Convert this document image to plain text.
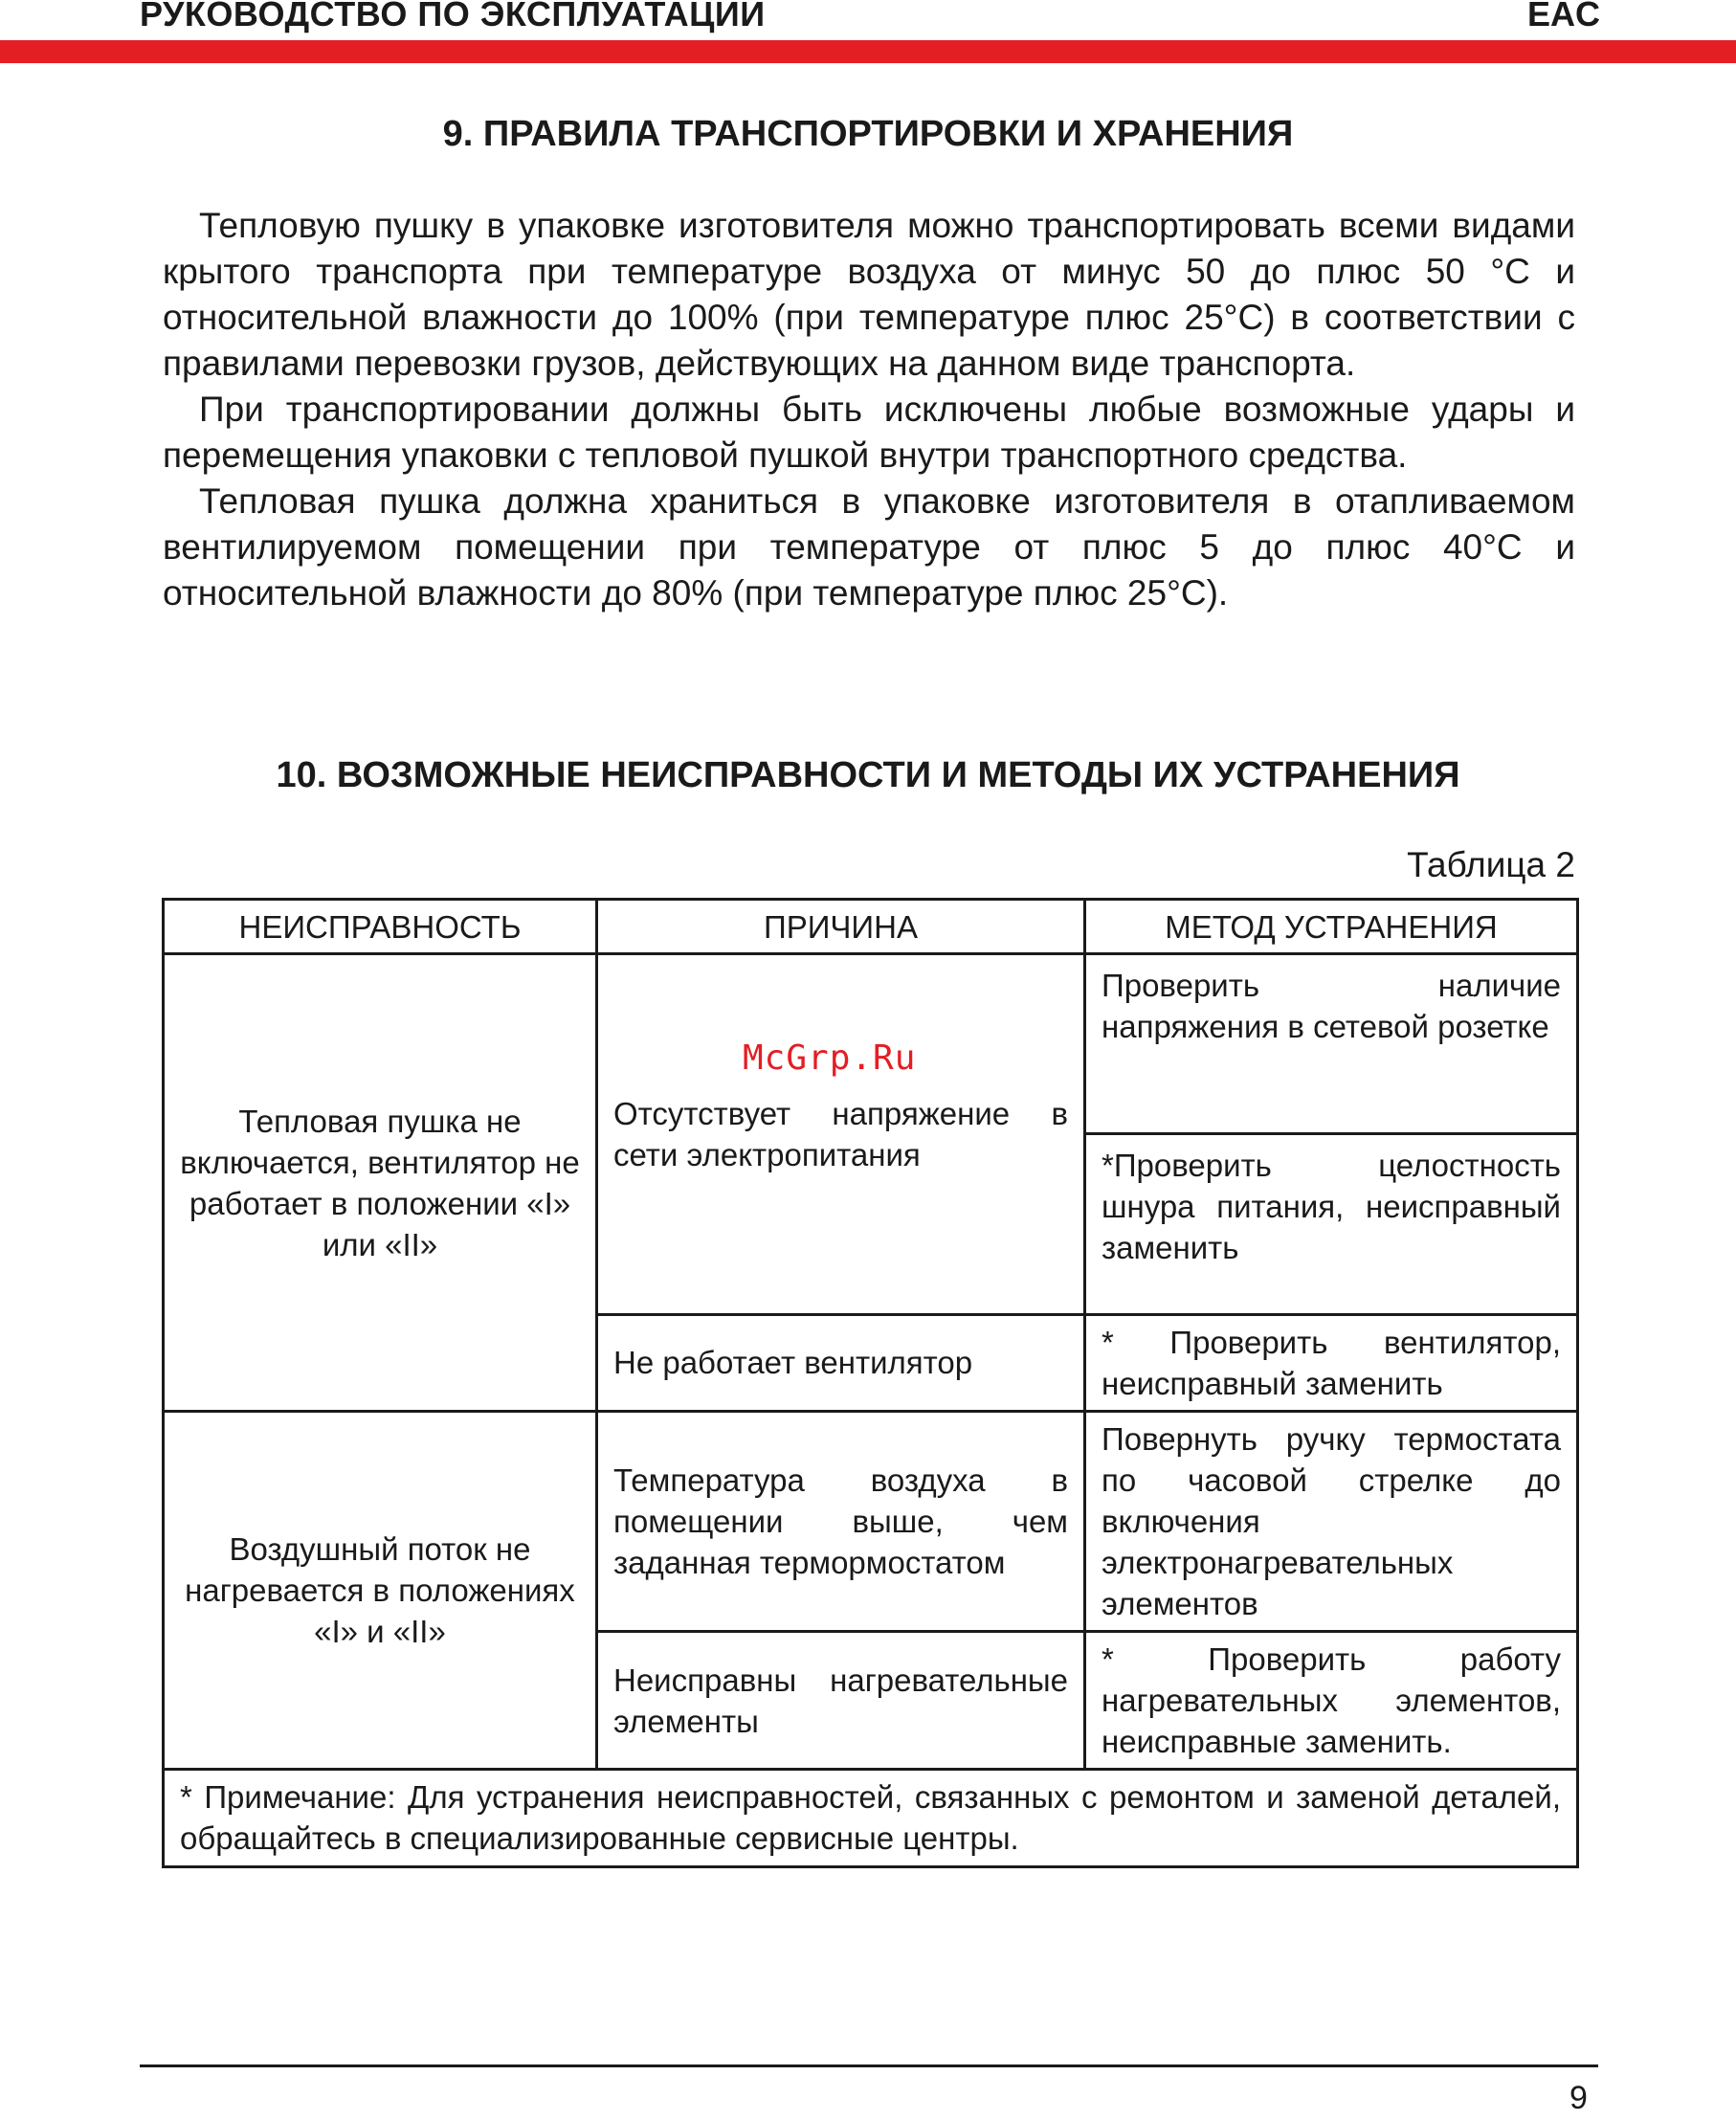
РУКОВОДСТВО ПО ЭКСПЛУАТАЦИИ	EAC
9. ПРАВИЛА ТРАНСПОРТИРОВКИ И ХРАНЕНИЯ

Тепловую пушку в упаковке изготовителя можно транспортировать всеми видами крытого транспорта при температуре воздуха от минус 50 до плюс 50 °С и относительной влажности до 100% (при температуре плюс 25°С) в соответствии с правилами перевозки грузов, действующих на данном виде транспорта.

При транспортировании должны быть исключены любые возможные удары и перемещения упаковки с тепловой пушкой внутри транспортного средства.

Тепловая пушка должна храниться в упаковке изготовителя в отапливаемом вентилируемом помещении при температуре от плюс 5 до плюс 40°С и относительной влажности до 80% (при температуре плюс 25°С).

10. ВОЗМОЖНЫЕ НЕИСПРАВНОСТИ И МЕТОДЫ ИХ УСТРАНЕНИЯ
Таблица 2
НЕИСПРАВНОСТЬ	ПРИЧИНА	МЕТОД УСТРАНЕНИЯ
Тепловая пушка не включается, вентилятор не работает в положении «I» или «II»	Отсутствует напряжение в сети электропитания	Проверить наличие напряжения в сетевой розетке
		*Проверить целостность шнура питания, неисправный заменить
	Не работает вентилятор	* Проверить вентилятор, неисправный заменить
Воздушный поток не нагревается в положениях «I» и «II»	Температура воздуха в помещении выше, чем заданная термормостатом	Повернуть ручку термостата по часовой стрелке до включения электронагревательных элементов
	Неисправны нагревательные элементы	* Проверить работу нагревательных элементов, неисправные заменить.
* Примечание: Для устранения неисправностей, связанных с ремонтом и заменой деталей, обращайтесь в специализированные сервисные центры.		
McGrp.Ru
9
